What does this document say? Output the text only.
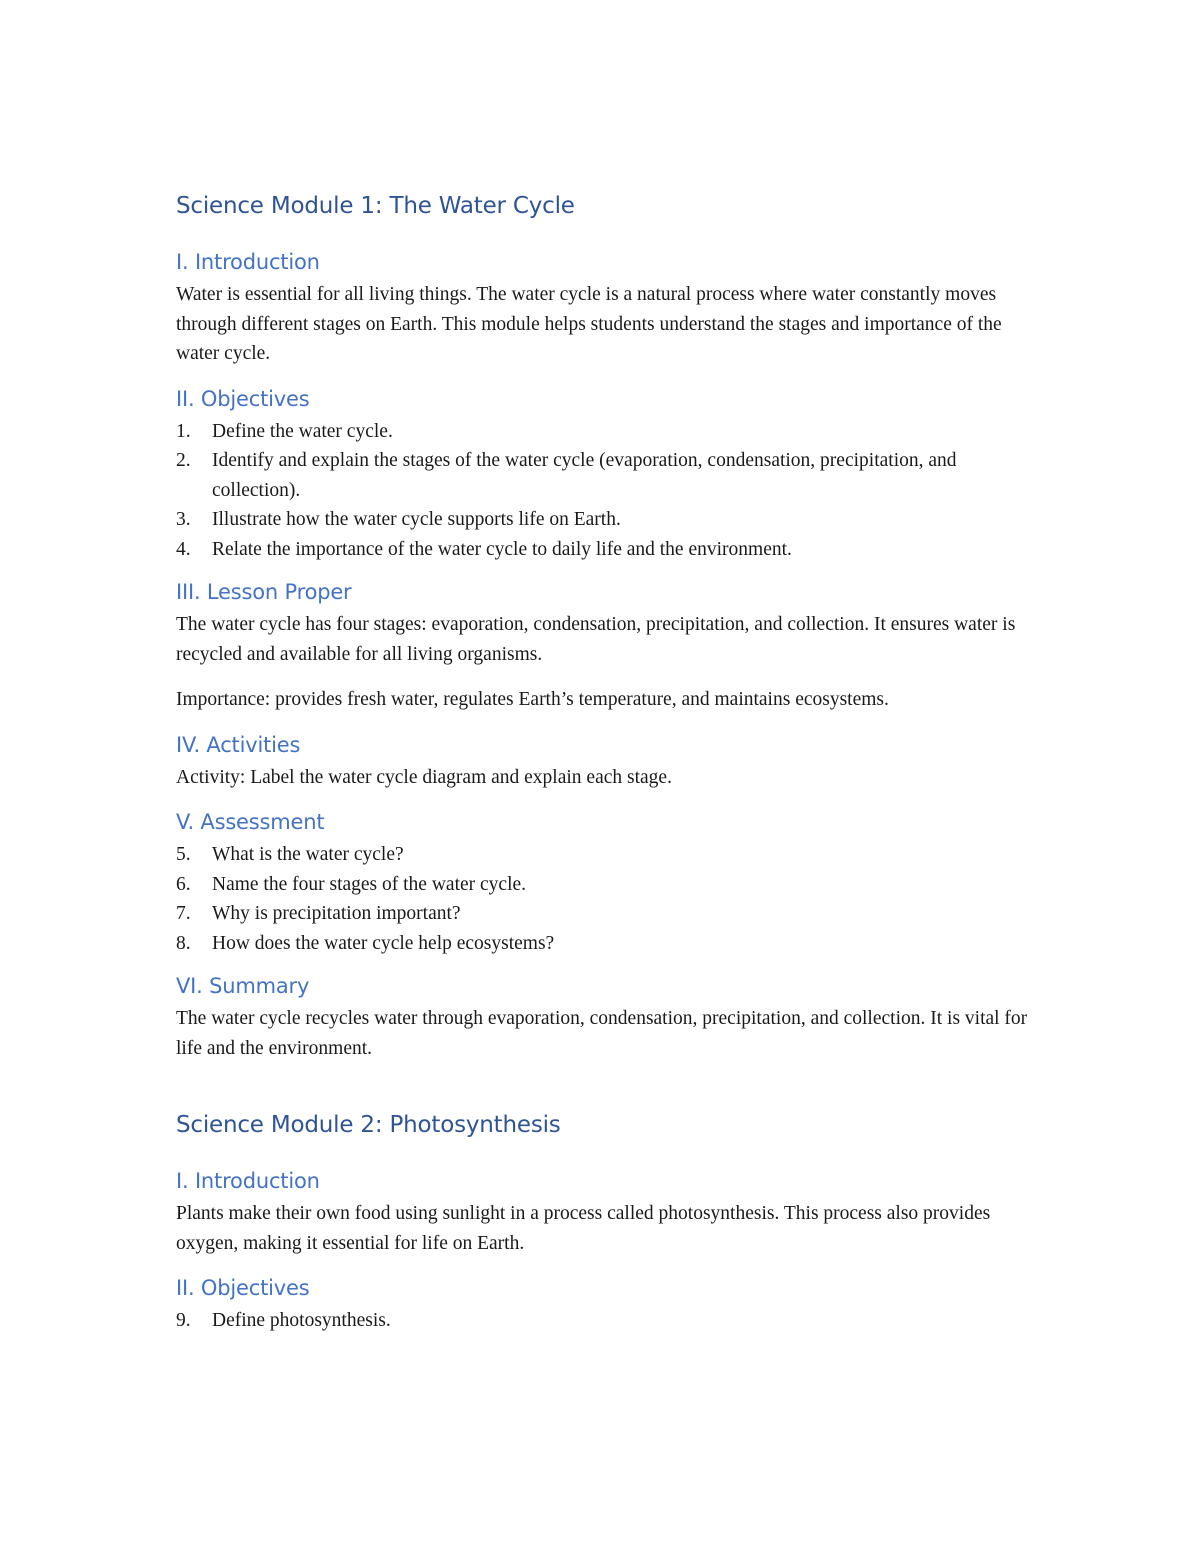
Science Module 1: The Water Cycle
I. Introduction

Water is essential for all living things. The water cycle is a natural process where water constantly moves through different stages on Earth. This module helps students understand the stages and importance of the water cycle.

II. Objectives
1. Define the water cycle.
2. Identify and explain the stages of the water cycle (evaporation, condensation, precipitation, and collection).
3. Illustrate how the water cycle supports life on Earth.
4. Relate the importance of the water cycle to daily life and the environment.
III. Lesson Proper

The water cycle has four stages: evaporation, condensation, precipitation, and collection. It ensures water is recycled and available for all living organisms.

Importance: provides fresh water, regulates Earth’s temperature, and maintains ecosystems.

IV. Activities

Activity: Label the water cycle diagram and explain each stage.

V. Assessment
5. What is the water cycle?
6. Name the four stages of the water cycle.
7. Why is precipitation important?
8. How does the water cycle help ecosystems?
VI. Summary

The water cycle recycles water through evaporation, condensation, precipitation, and collection. It is vital for life and the environment.

Science Module 2: Photosynthesis
I. Introduction

Plants make their own food using sunlight in a process called photosynthesis. This process also provides oxygen, making it essential for life on Earth.

II. Objectives
9. Define photosynthesis.
